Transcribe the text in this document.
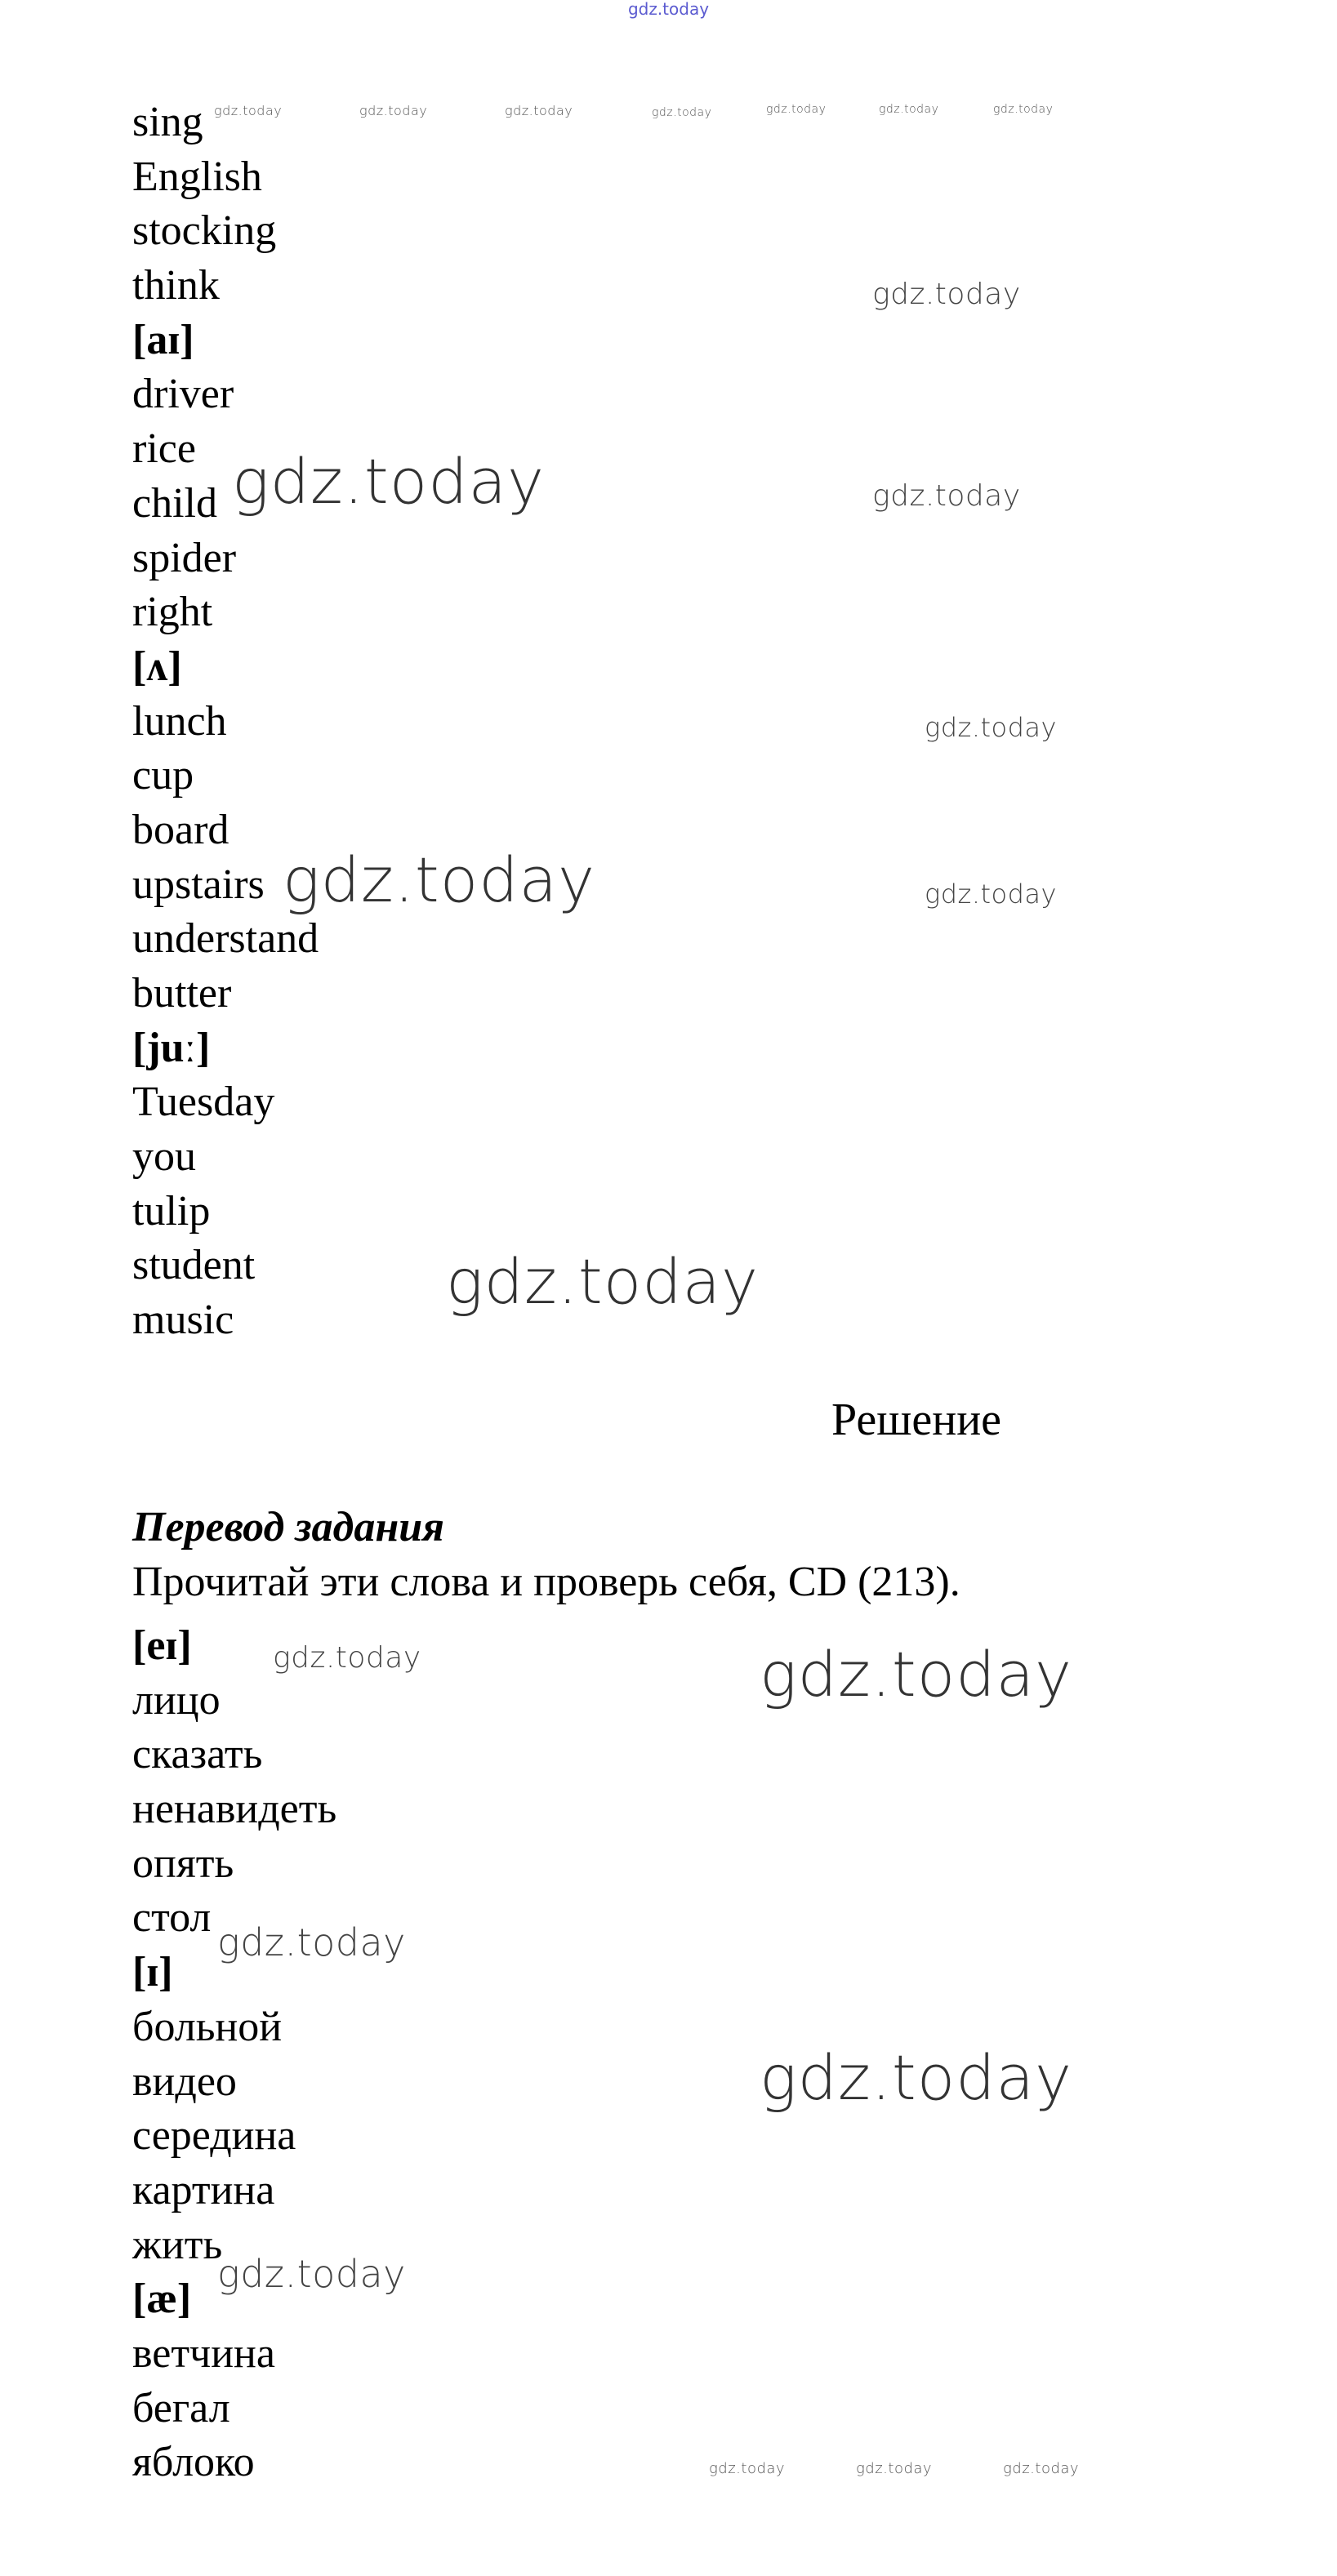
gdz.today
sing
English
stocking
think
[aɪ]
driver
rice
child
spider
right
[ʌ]
lunch
cup
board
upstairs
understand
butter
[juː]
Tuesday
you
tulip
student
music
Решение
Перевод задания
Прочитай эти слова и проверь себя, CD (213).
[eɪ]
лицо
сказать
ненавидеть
опять
стол
[ɪ]
больной
видео
середина
картина
жить
[æ]
ветчина
бегал
яблоко
gdz.today	gdz.today	gdz.today	gdz.today	gdz.today	gdz.today	gdz.today
gdz.today
gdz.today	gdz.today
gdz.today
gdz.today	gdz.today
gdz.today
gdz.today	gdz.today
gdz.today
gdz.today
gdz.today
gdz.today	gdz.today	gdz.today
